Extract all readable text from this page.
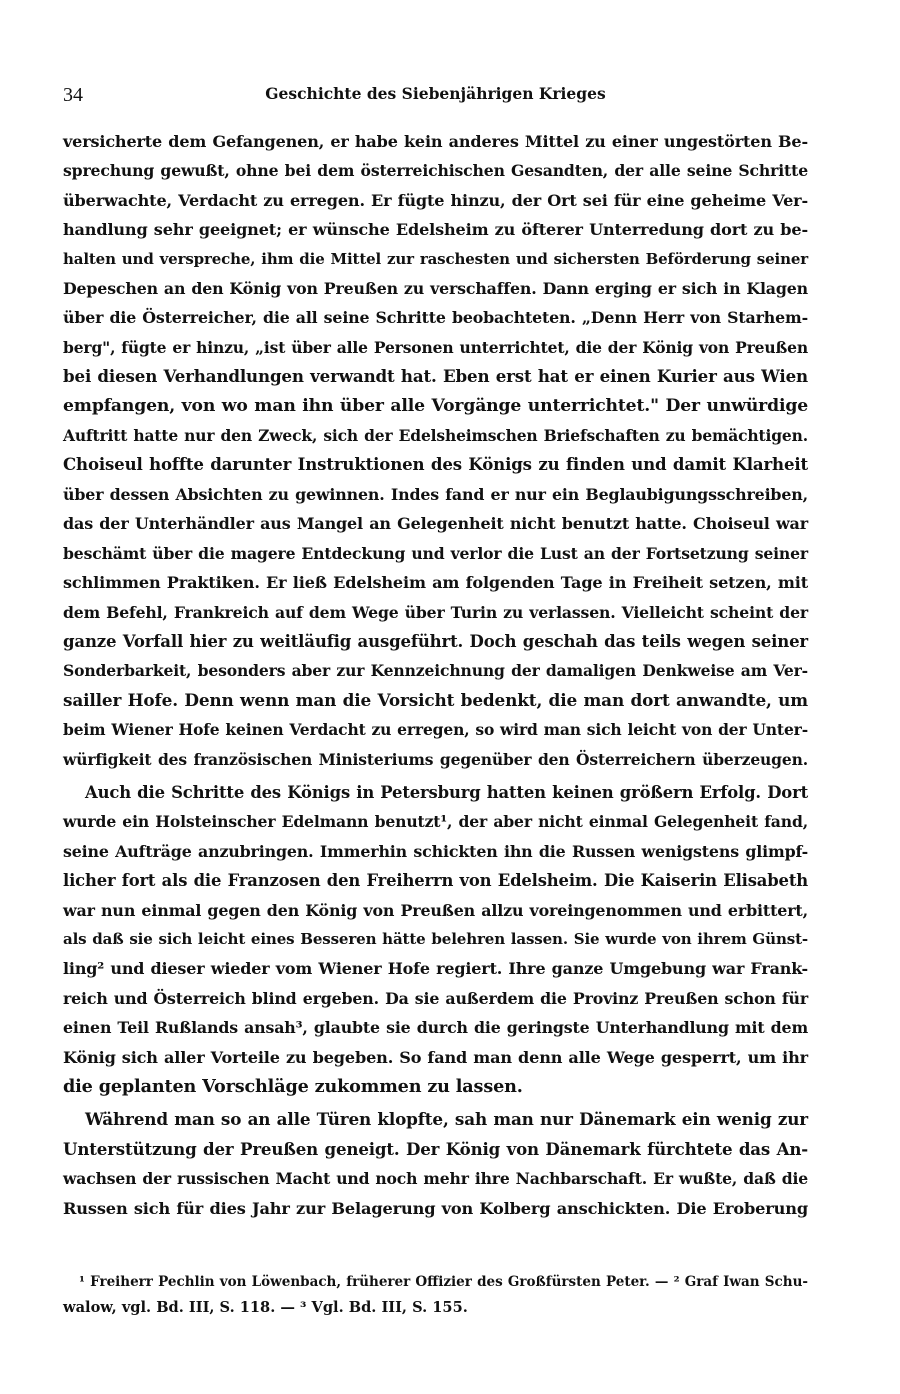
34	Geschichte des Siebenjährigen Krieges
versicherte dem Gefangenen, er habe kein anderes Mittel zu einer ungestörten Be-
sprechung gewußt, ohne bei dem österreichischen Gesandten, der alle seine Schritte
überwachte, Verdacht zu erregen. Er fügte hinzu, der Ort sei für eine geheime Ver-
handlung sehr geeignet; er wünsche Edelsheim zu öfterer Unterredung dort zu be-
halten und verspreche, ihm die Mittel zur raschesten und sichersten Beförderung seiner
Depeschen an den König von Preußen zu verschaffen. Dann erging er sich in Klagen
über die Österreicher, die all seine Schritte beobachteten. „Denn Herr von Starhem-
berg", fügte er hinzu, „ist über alle Personen unterrichtet, die der König von Preußen
bei diesen Verhandlungen verwandt hat. Eben erst hat er einen Kurier aus Wien
empfangen, von wo man ihn über alle Vorgänge unterrichtet." Der unwürdige
Auftritt hatte nur den Zweck, sich der Edelsheimschen Briefschaften zu bemächtigen.
Choiseul hoffte darunter Instruktionen des Königs zu finden und damit Klarheit
über dessen Absichten zu gewinnen. Indes fand er nur ein Beglaubigungsschreiben,
das der Unterhändler aus Mangel an Gelegenheit nicht benutzt hatte. Choiseul war
beschämt über die magere Entdeckung und verlor die Lust an der Fortsetzung seiner
schlimmen Praktiken. Er ließ Edelsheim am folgenden Tage in Freiheit setzen, mit
dem Befehl, Frankreich auf dem Wege über Turin zu verlassen. Vielleicht scheint der
ganze Vorfall hier zu weitläufig ausgeführt. Doch geschah das teils wegen seiner
Sonderbarkeit, besonders aber zur Kennzeichnung der damaligen Denkweise am Ver-
sailler Hofe. Denn wenn man die Vorsicht bedenkt, die man dort anwandte, um
beim Wiener Hofe keinen Verdacht zu erregen, so wird man sich leicht von der Unter-
würfigkeit des französischen Ministeriums gegenüber den Österreichern überzeugen.
Auch die Schritte des Königs in Petersburg hatten keinen größern Erfolg. Dort
wurde ein Holsteinscher Edelmann benutzt¹, der aber nicht einmal Gelegenheit fand,
seine Aufträge anzubringen. Immerhin schickten ihn die Russen wenigstens glimpf-
licher fort als die Franzosen den Freiherrn von Edelsheim. Die Kaiserin Elisabeth
war nun einmal gegen den König von Preußen allzu voreingenommen und erbittert,
als daß sie sich leicht eines Besseren hätte belehren lassen. Sie wurde von ihrem Günst-
ling² und dieser wieder vom Wiener Hofe regiert. Ihre ganze Umgebung war Frank-
reich und Österreich blind ergeben. Da sie außerdem die Provinz Preußen schon für
einen Teil Rußlands ansah³, glaubte sie durch die geringste Unterhandlung mit dem
König sich aller Vorteile zu begeben. So fand man denn alle Wege gesperrt, um ihr
die geplanten Vorschläge zukommen zu lassen.
Während man so an alle Türen klopfte, sah man nur Dänemark ein wenig zur
Unterstützung der Preußen geneigt. Der König von Dänemark fürchtete das An-
wachsen der russischen Macht und noch mehr ihre Nachbarschaft. Er wußte, daß die
Russen sich für dies Jahr zur Belagerung von Kolberg anschickten. Die Eroberung
¹ Freiherr Pechlin von Löwenbach, früherer Offizier des Großfürsten Peter. — ² Graf Iwan Schu-
walow, vgl. Bd. III, S. 118. — ³ Vgl. Bd. III, S. 155.
